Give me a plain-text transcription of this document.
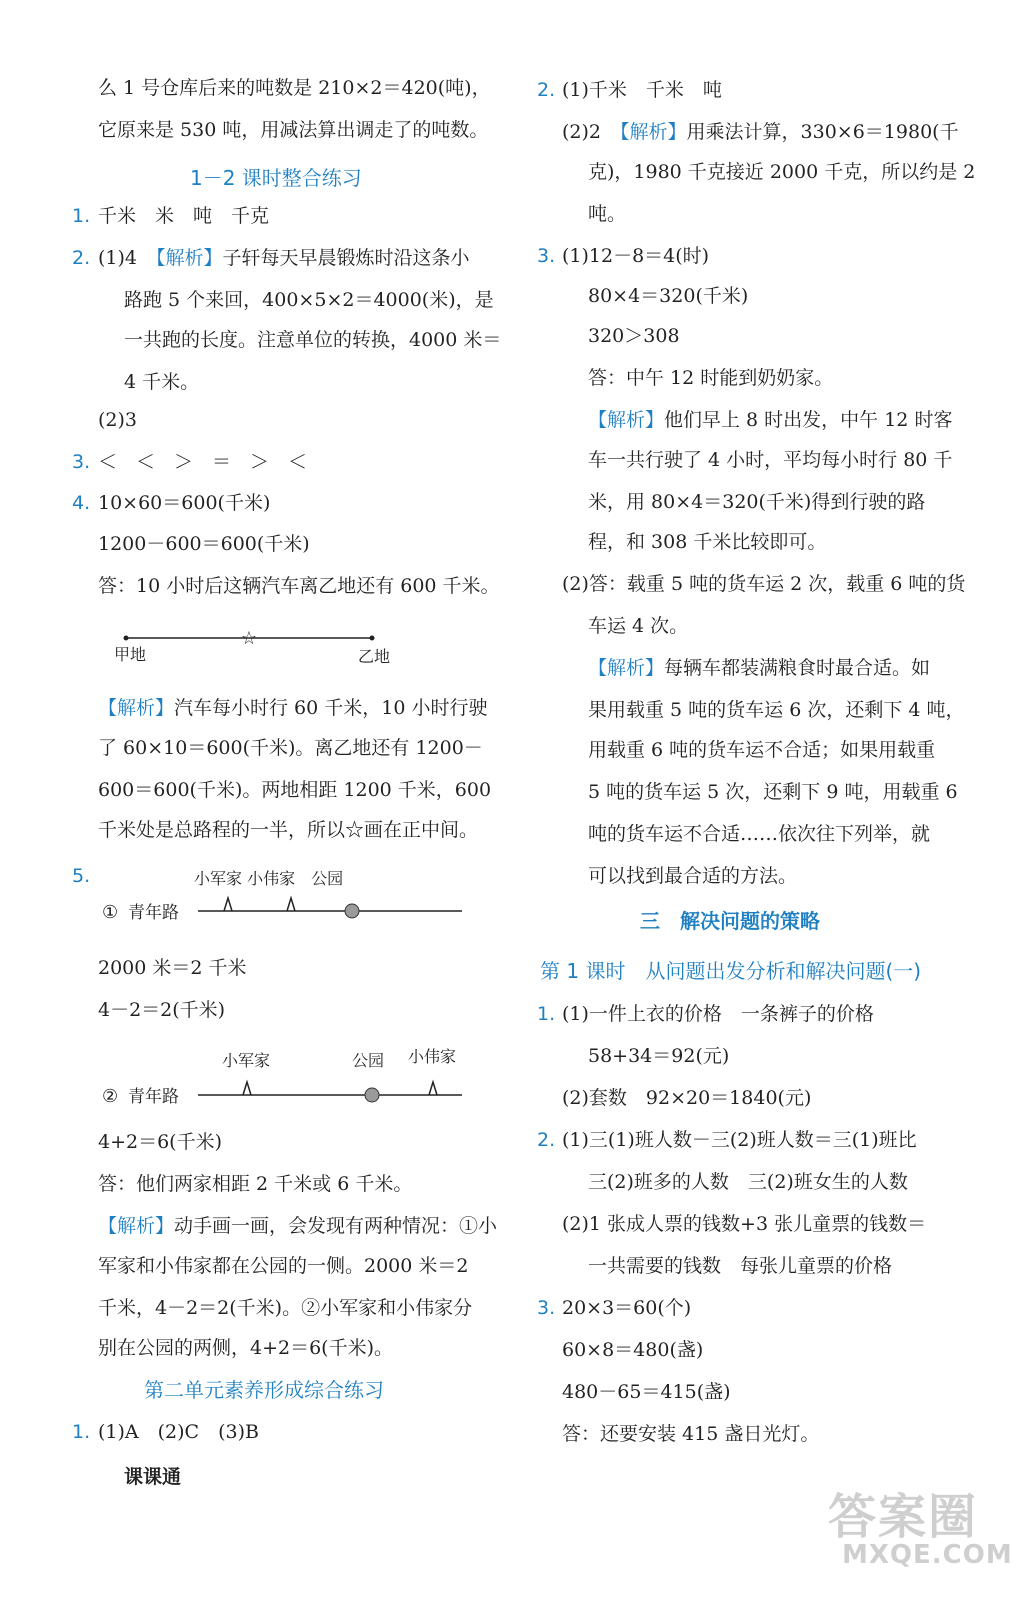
么 1 号仓库后来的吨数是 210×2＝420(吨)，
它原来是 530 吨，用减法算出调走了的吨数。
1－2 课时整合练习
1. 千米　米　吨　千克
2. (1)4　【解析】子轩每天早晨锻炼时沿这条小
路跑 5 个来回，400×5×2＝4000(米)，是
一共跑的长度。注意单位的转换，4000 米＝
4 千米。
(2)3
3. ＜　＜　＞　＝　＞　＜
4. 10×60＝600(千米)
1200－600＝600(千米)
答：10 小时后这辆汽车离乙地还有 600 千米。
☆
甲地	乙地
【解析】汽车每小时行 60 千米，10 小时行驶
了 60×10＝600(千米)。离乙地还有 1200－
600＝600(千米)。两地相距 1200 千米，600
千米处是总路程的一半，所以☆画在正中间。
5.	小军家 小伟家　公园
① 青年路
2000 米＝2 千米
4－2＝2(千米)
小军家	公园 小伟家
② 青年路
4+2＝6(千米)
答：他们两家相距 2 千米或 6 千米。
【解析】动手画一画，会发现有两种情况：①小
军家和小伟家都在公园的一侧。2000 米＝2
千米，4－2＝2(千米)。②小军家和小伟家分
别在公园的两侧，4+2＝6(千米)。
第二单元素养形成综合练习
1. (1)A　(2)C　(3)B
课课通
2. (1)千米　千米　吨
(2)2　【解析】用乘法计算，330×6＝1980(千
克)，1980 千克接近 2000 千克，所以约是 2
吨。
3. (1)12－8＝4(时)
80×4＝320(千米)
320＞308
答：中午 12 时能到奶奶家。
【解析】他们早上 8 时出发，中午 12 时客
车一共行驶了 4 小时，平均每小时行 80 千
米，用 80×4＝320(千米)得到行驶的路
程，和 308 千米比较即可。
(2)答：载重 5 吨的货车运 2 次，载重 6 吨的货
车运 4 次。
【解析】每辆车都装满粮食时最合适。如
果用载重 5 吨的货车运 6 次，还剩下 4 吨，
用载重 6 吨的货车运不合适；如果用载重
5 吨的货车运 5 次，还剩下 9 吨，用载重 6
吨的货车运不合适……依次往下列举，就
可以找到最合适的方法。
三　解决问题的策略
第 1 课时　从问题出发分析和解决问题(一)
1. (1)一件上衣的价格　一条裤子的价格
58+34＝92(元)
(2)套数　92×20＝1840(元)
2. (1)三(1)班人数－三(2)班人数＝三(1)班比
三(2)班多的人数　三(2)班女生的人数
(2)1 张成人票的钱数+3 张儿童票的钱数＝
一共需要的钱数　每张儿童票的价格
3. 20×3＝60(个)
60×8＝480(盏)
480－65＝415(盏)
答：还要安装 415 盏日光灯。
答案圈
MXQE.COM
